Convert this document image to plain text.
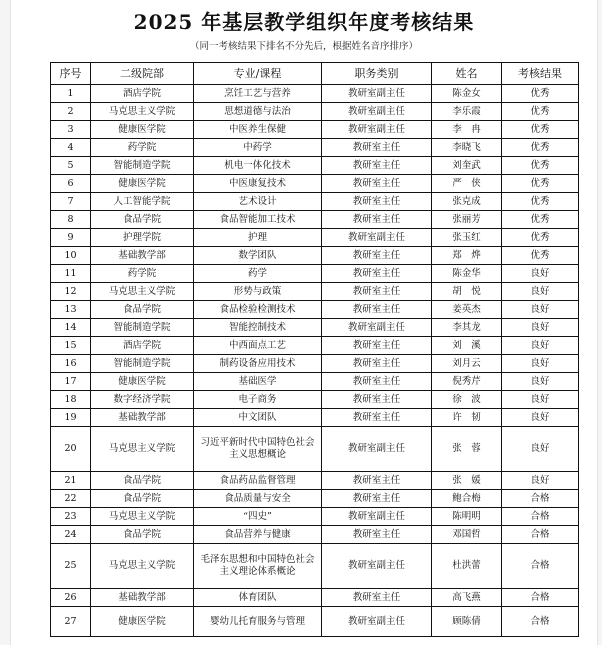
2025 年基层教学组织年度考核结果
（同一考核结果下排名不分先后，根据姓名音序排序）
序号	二级院部	专业/课程	职务类别	姓名	考核结果
1	酒店学院	烹饪工艺与营养	教研室副主任	陈金女	优秀
2	马克思主义学院	思想道德与法治	教研室副主任	李乐霞	优秀
3	健康医学院	中医养生保健	教研室副主任	李　冉	优秀
4	药学院	中药学	教研室主任	李晓飞	优秀
5	智能制造学院	机电一体化技术	教研室主任	刘奎武	优秀
6	健康医学院	中医康复技术	教研室主任	严　侠	优秀
7	人工智能学院	艺术设计	教研室主任	张克成	优秀
8	食品学院	食品智能加工技术	教研室主任	张丽芳	优秀
9	护理学院	护理	教研室副主任	张玉红	优秀
10	基础教学部	数学团队	教研室主任	郑　烨	优秀
11	药学院	药学	教研室主任	陈金华	良好
12	马克思主义学院	形势与政策	教研室主任	胡　悦	良好
13	食品学院	食品检验检测技术	教研室主任	姜英杰	良好
14	智能制造学院	智能控制技术	教研室副主任	李其龙	良好
15	酒店学院	中西面点工艺	教研室主任	刘　溪	良好
16	智能制造学院	制药设备应用技术	教研室主任	刘月云	良好
17	健康医学院	基础医学	教研室主任	倪秀芹	良好
18	数字经济学院	电子商务	教研室主任	徐　波	良好
19	基础教学部	中文团队	教研室主任	许　韧	良好
20	马克思主义学院	习近平新时代中国特色社会主义思想概论	教研室副主任	张　蓉	良好
21	食品学院	食品药品监督管理	教研室主任	张　媛	良好
22	食品学院	食品质量与安全	教研室主任	鲍合梅	合格
23	马克思主义学院	“四史”	教研室副主任	陈明明	合格
24	食品学院	食品营养与健康	教研室主任	邓国哲	合格
25	马克思主义学院	毛泽东思想和中国特色社会主义理论体系概论	教研室副主任	杜洪蕾	合格
26	基础教学部	体育团队	教研室主任	高飞燕	合格
27	健康医学院	婴幼儿托育服务与管理	教研室副主任	顾陈倩	合格
